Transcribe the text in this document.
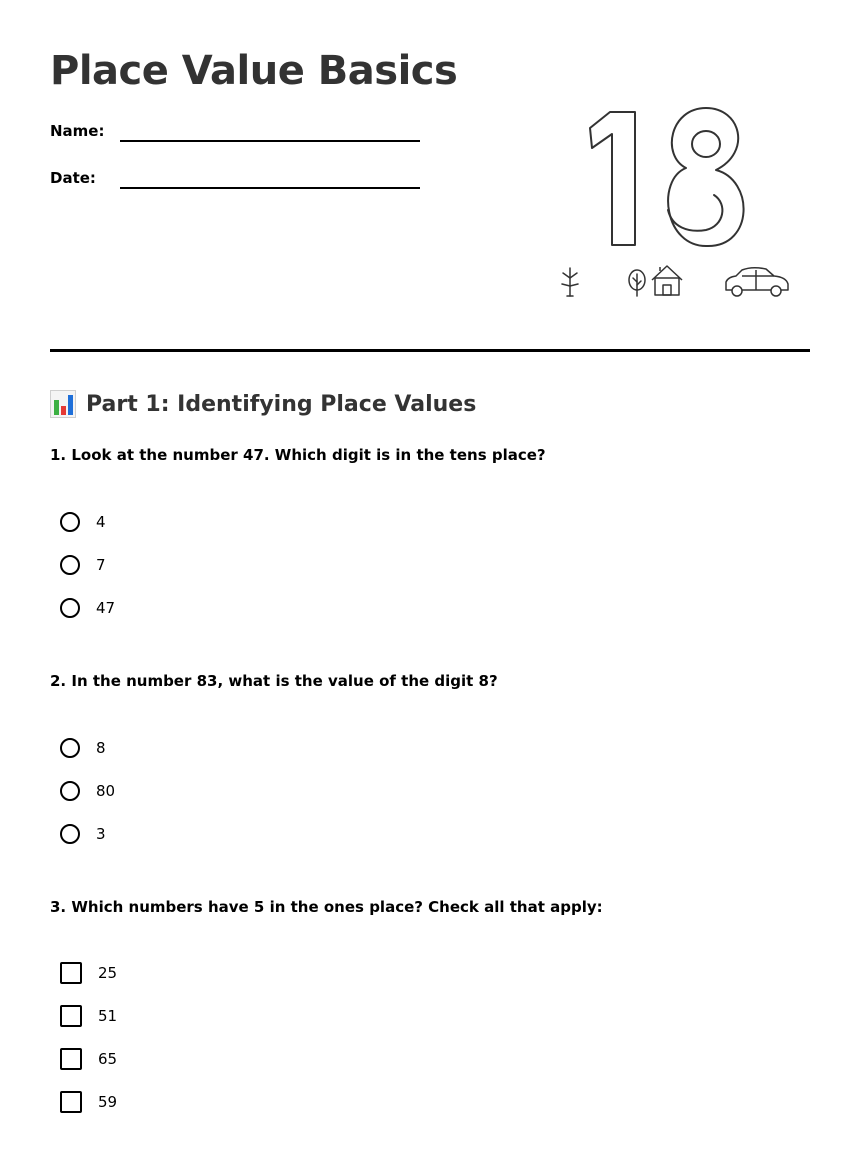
Place Value Basics
Name:
Date:
Part 1: Identifying Place Values
1. Look at the number 47. Which digit is in the tens place?
4
7
47
2. In the number 83, what is the value of the digit 8?
8
80
3
3. Which numbers have 5 in the ones place? Check all that apply:
25
51
65
59
